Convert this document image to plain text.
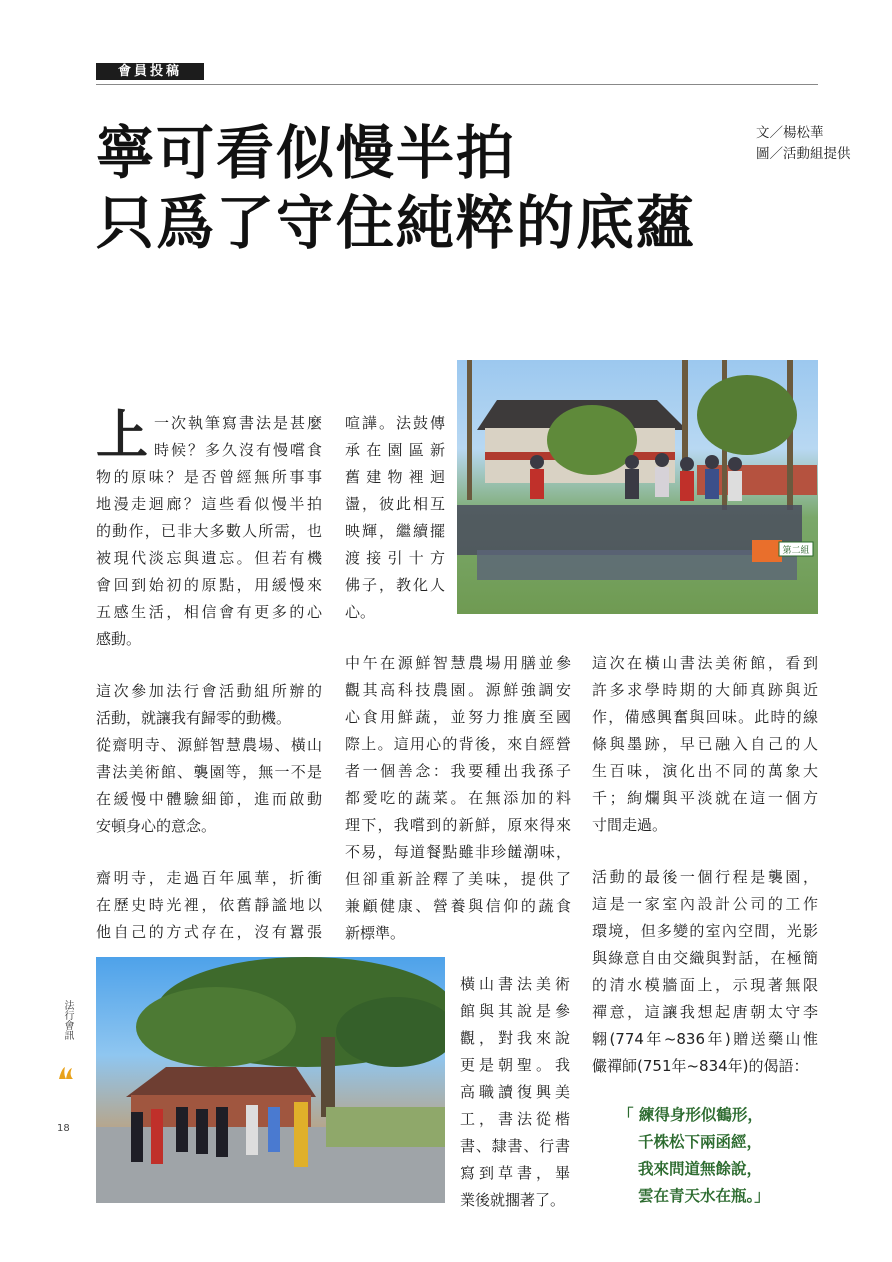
會員投稿
寧可看似慢半拍
只爲了守住純粹的底蘊
文／楊松華
圖／活動組提供
第二組
上 一次執筆寫書法是甚麼
時候？多久沒有慢嚐食
物的原味？是否曾經無所事事
地漫走迴廊？這些看似慢半拍
的動作，已非大多數人所需，也
被現代淡忘與遺忘。但若有機
會回到始初的原點，用緩慢來
五感生活，相信會有更多的心
感動。
這次參加法行會活動組所辦的
活動，就讓我有歸零的動機。
從齋明寺、源鮮智慧農場、橫山
書法美術館、襲園等，無一不是
在緩慢中體驗細節，進而啟動
安頓身心的意念。
齋明寺，走過百年風華，折衝
在歷史時光裡，依舊靜謐地以
他自己的方式存在，沒有囂張
喧譁。法鼓傳
承在園區新
舊建物裡迴
盪，彼此相互
映輝，繼續擺
渡接引十方
佛子，教化人
心。
中午在源鮮智慧農場用膳並參
觀其高科技農園。源鮮強調安
心食用鮮蔬，並努力推廣至國
際上。這用心的背後，來自經營
者一個善念：我要種出我孫子
都愛吃的蔬菜。在無添加的料
理下，我嚐到的新鮮，原來得來
不易，每道餐點雖非珍饈潮味，
但卻重新詮釋了美味，提供了
兼顧健康、營養與信仰的蔬食
新標準。
橫山書法美術
館與其說是參
觀，對我來說
更是朝聖。我
高職讀復興美
工，書法從楷
書、隸書、行書
寫到草書，畢
業後就擱著了。
這次在橫山書法美術館，看到
許多求學時期的大師真跡與近
作，備感興奮與回味。此時的線
條與墨跡，早已融入自己的人
生百味，演化出不同的萬象大
千；絢爛與平淡就在這一個方
寸間走過。
活動的最後一個行程是襲園，
這是一家室內設計公司的工作
環境，但多變的室內空間，光影
與綠意自由交織與對話，在極簡
的清水模牆面上，示現著無限
禪意，這讓我想起唐朝太守李
翺(774年~836年)贈送藥山惟
儼禪師(751年~834年)的偈語：
「 練得身形似鶴形，
千株松下兩函經，
我來問道無餘說，
雲在青天水在瓶。」
法行會訊
18
